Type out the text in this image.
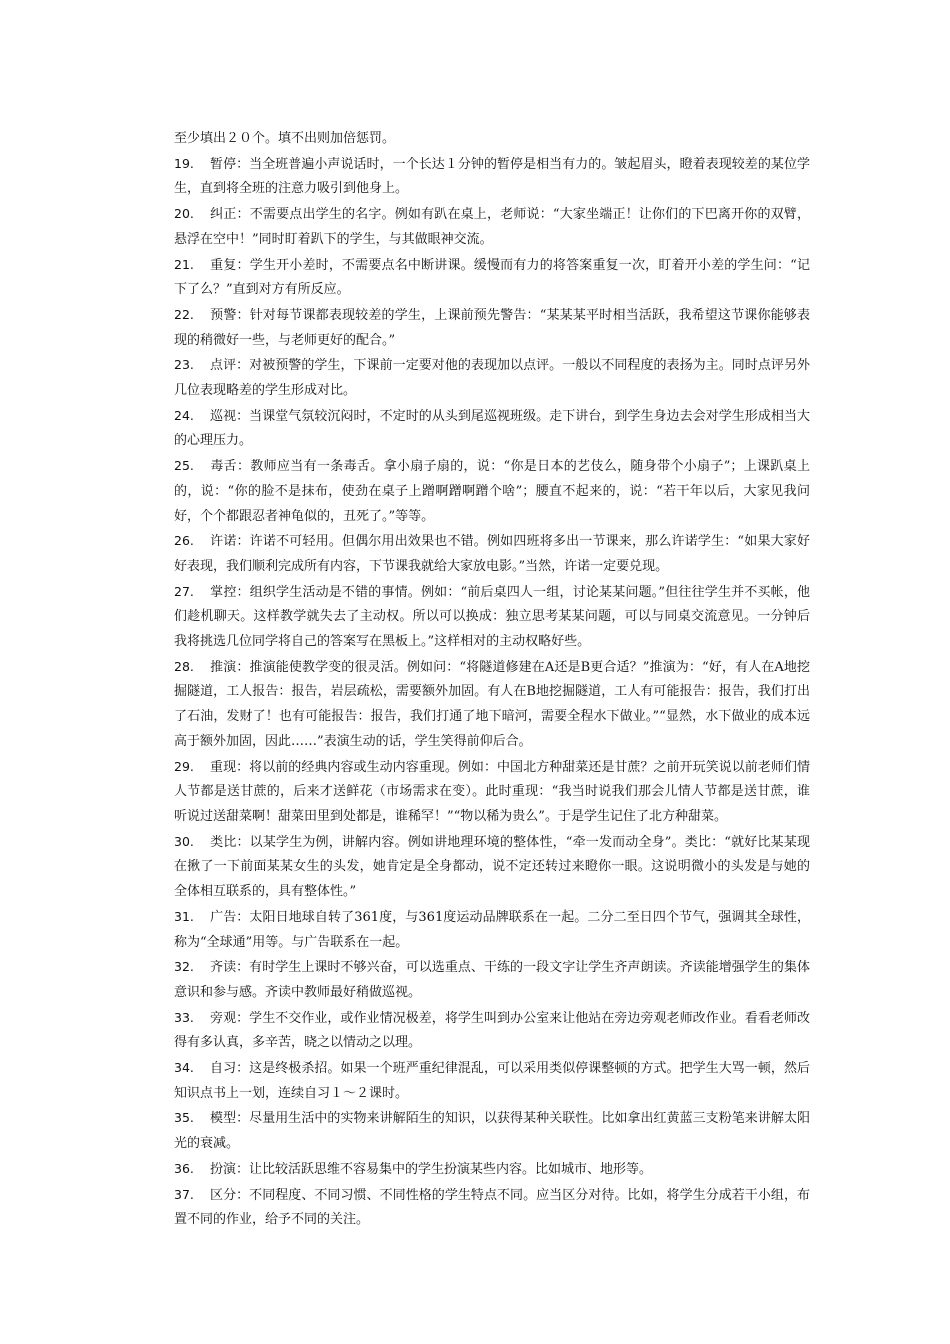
至少填出２０个。填不出则加倍惩罚。

19. 暂停：当全班普遍小声说话时，一个长达１分钟的暂停是相当有力的。皱起眉头，瞪着表现较差的某位学生，直到将全班的注意力吸引到他身上。

20. 纠正：不需要点出学生的名字。例如有趴在桌上，老师说：“大家坐端正！让你们的下巴离开你的双臂，悬浮在空中！”同时盯着趴下的学生，与其做眼神交流。

21. 重复：学生开小差时，不需要点名中断讲课。缓慢而有力的将答案重复一次，盯着开小差的学生问：“记下了么？”直到对方有所反应。

22. 预警：针对每节课都表现较差的学生，上课前预先警告：“某某某平时相当活跃，我希望这节课你能够表现的稍微好一些，与老师更好的配合。”

23. 点评：对被预警的学生，下课前一定要对他的表现加以点评。一般以不同程度的表扬为主。同时点评另外几位表现略差的学生形成对比。

24. 巡视：当课堂气氛较沉闷时，不定时的从头到尾巡视班级。走下讲台，到学生身边去会对学生形成相当大的心理压力。

25. 毒舌：教师应当有一条毒舌。拿小扇子扇的，说：“你是日本的艺伎么，随身带个小扇子”；上课趴桌上的，说：“你的脸不是抹布，使劲在桌子上蹭啊蹭啊蹭个啥”；腰直不起来的，说：“若干年以后，大家见我问好，个个都跟忍者神龟似的，丑死了。”等等。

26. 许诺：许诺不可轻用。但偶尔用出效果也不错。例如四班将多出一节课来，那么许诺学生：“如果大家好好表现，我们顺利完成所有内容，下节课我就给大家放电影。”当然，许诺一定要兑现。

27. 掌控：组织学生活动是不错的事情。例如：“前后桌四人一组，讨论某某问题。”但往往学生并不买帐，他们趁机聊天。这样教学就失去了主动权。所以可以换成：独立思考某某问题，可以与同桌交流意见。一分钟后我将挑选几位同学将自己的答案写在黑板上。”这样相对的主动权略好些。

28. 推演：推演能使教学变的很灵活。例如问：“将隧道修建在A还是B更合适？”推演为：“好，有人在A地挖掘隧道，工人报告：报告，岩层疏松，需要额外加固。有人在B地挖掘隧道，工人有可能报告：报告，我们打出了石油，发财了！也有可能报告：报告，我们打通了地下暗河，需要全程水下做业。”“显然，水下做业的成本远高于额外加固，因此……”表演生动的话，学生笑得前仰后合。

29. 重现：将以前的经典内容或生动内容重现。例如：中国北方种甜菜还是甘蔗？之前开玩笑说以前老师们情人节都是送甘蔗的，后来才送鲜花（市场需求在变）。此时重现：“我当时说我们那会儿情人节都是送甘蔗，谁听说过送甜菜啊！甜菜田里到处都是，谁稀罕！”“物以稀为贵么”。于是学生记住了北方种甜菜。

30. 类比：以某学生为例，讲解内容。例如讲地理环境的整体性，“牵一发而动全身”。类比：“就好比某某现在揪了一下前面某某女生的头发，她肯定是全身都动，说不定还转过来瞪你一眼。这说明微小的头发是与她的全体相互联系的，具有整体性。”

31. 广告：太阳日地球自转了361度，与361度运动品牌联系在一起。二分二至日四个节气，强调其全球性，称为“全球通”用等。与广告联系在一起。

32. 齐读：有时学生上课时不够兴奋，可以选重点、干练的一段文字让学生齐声朗读。齐读能增强学生的集体意识和参与感。齐读中教师最好稍做巡视。

33. 旁观：学生不交作业，或作业情况极差，将学生叫到办公室来让他站在旁边旁观老师改作业。看看老师改得有多认真，多辛苦，晓之以情动之以理。

34. 自习：这是终极杀招。如果一个班严重纪律混乱，可以采用类似停课整顿的方式。把学生大骂一顿，然后知识点书上一划，连续自习１～２课时。

35. 模型：尽量用生活中的实物来讲解陌生的知识，以获得某种关联性。比如拿出红黄蓝三支粉笔来讲解太阳光的衰减。

36. 扮演：让比较活跃思维不容易集中的学生扮演某些内容。比如城市、地形等。

37. 区分：不同程度、不同习惯、不同性格的学生特点不同。应当区分对待。比如，将学生分成若干小组，布置不同的作业，给予不同的关注。
